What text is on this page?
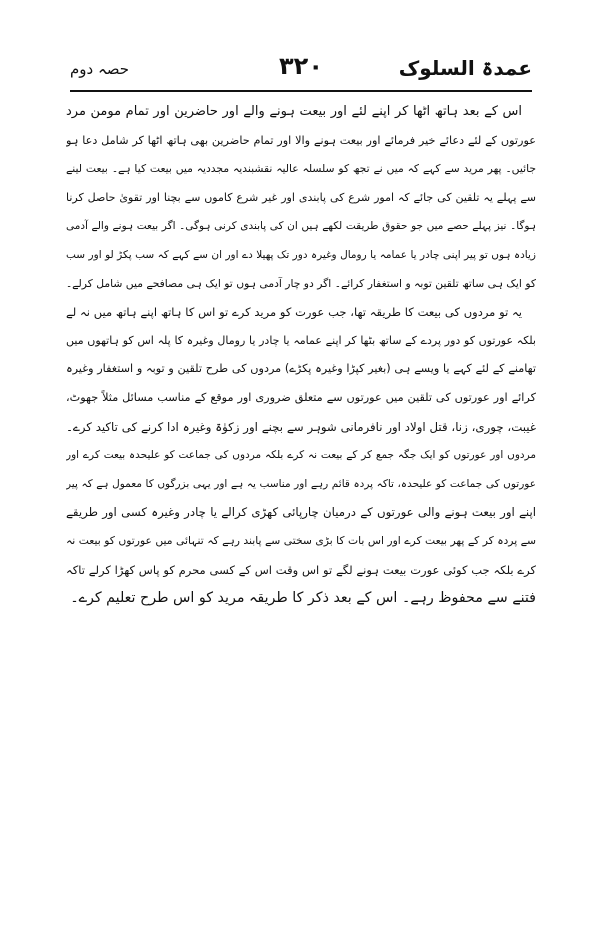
عمدۃ السلوک
۳۲۰
حصہ دوم
اس کے بعد ہاتھ اٹھا کر اپنے لئے اور بیعت ہونے والے اور حاضرین اور تمام مومن مرد
عورتوں کے لئے دعائے خیر فرمائے اور بیعت ہونے والا اور تمام حاضرین بھی ہاتھ اٹھا کر شامل دعا ہو
جائیں۔ پھر مرید سے کہے کہ میں نے تجھ کو سلسلہ عالیہ نقشبندیہ مجددیہ میں بیعت کیا ہے۔ بیعت لینے
سے پہلے یہ تلقین کی جائے کہ امور شرع کی پابندی اور غیر شرع کاموں سے بچنا اور تقویٰ حاصل کرنا
ہوگا۔ نیز پہلے حصے میں جو حقوق طریقت لکھے ہیں ان کی پابندی کرنی ہوگی۔ اگر بیعت ہونے والے آدمی
زیادہ ہوں تو پیر اپنی چادر یا عمامہ یا رومال وغیرہ دور تک پھیلا دے اور ان سے کہے کہ سب پکڑ لو اور سب
کو ایک ہی ساتھ تلقین توبہ و استغفار کرائے۔ اگر دو چار آدمی ہوں تو ایک ہی مصافحے میں شامل کرلے۔
یہ تو مردوں کی بیعت کا طریقہ تھا، جب عورت کو مرید کرے تو اس کا ہاتھ اپنے ہاتھ میں نہ لے
بلکہ عورتوں کو دور پردے کے ساتھ بٹھا کر اپنے عمامہ یا چادر یا رومال وغیرہ کا پلہ اس کو ہاتھوں میں
تھامنے کے لئے کہے یا ویسے ہی (بغیر کپڑا وغیرہ پکڑے) مردوں کی طرح تلقین و توبہ و استغفار وغیرہ
کرائے اور عورتوں کی تلقین میں عورتوں سے متعلق ضروری اور موقع کے مناسب مسائل مثلاً جھوٹ،
غیبت، چوری، زنا، قتل اولاد اور نافرمانی شوہر سے بچنے اور زکوٰۃ وغیرہ ادا کرنے کی تاکید کرے۔
مردوں اور عورتوں کو ایک جگہ جمع کر کے بیعت نہ کرے بلکہ مردوں کی جماعت کو علیحدہ بیعت کرے اور
عورتوں کی جماعت کو علیحدہ، تاکہ پردہ قائم رہے اور مناسب یہ ہے اور یہی بزرگوں کا معمول ہے کہ پیر
اپنے اور بیعت ہونے والی عورتوں کے درمیان چارپائی کھڑی کرالے یا چادر وغیرہ کسی اور طریقے
سے پردہ کر کے پھر بیعت کرے اور اس بات کا بڑی سختی سے پابند رہے کہ تنہائی میں عورتوں کو بیعت نہ
کرے بلکہ جب کوئی عورت بیعت ہونے لگے تو اس وقت اس کے کسی محرم کو پاس کھڑا کرلے تاکہ
فتنے سے محفوظ رہے۔ اس کے بعد ذکر کا طریقہ مرید کو اس طرح تعلیم کرے۔
